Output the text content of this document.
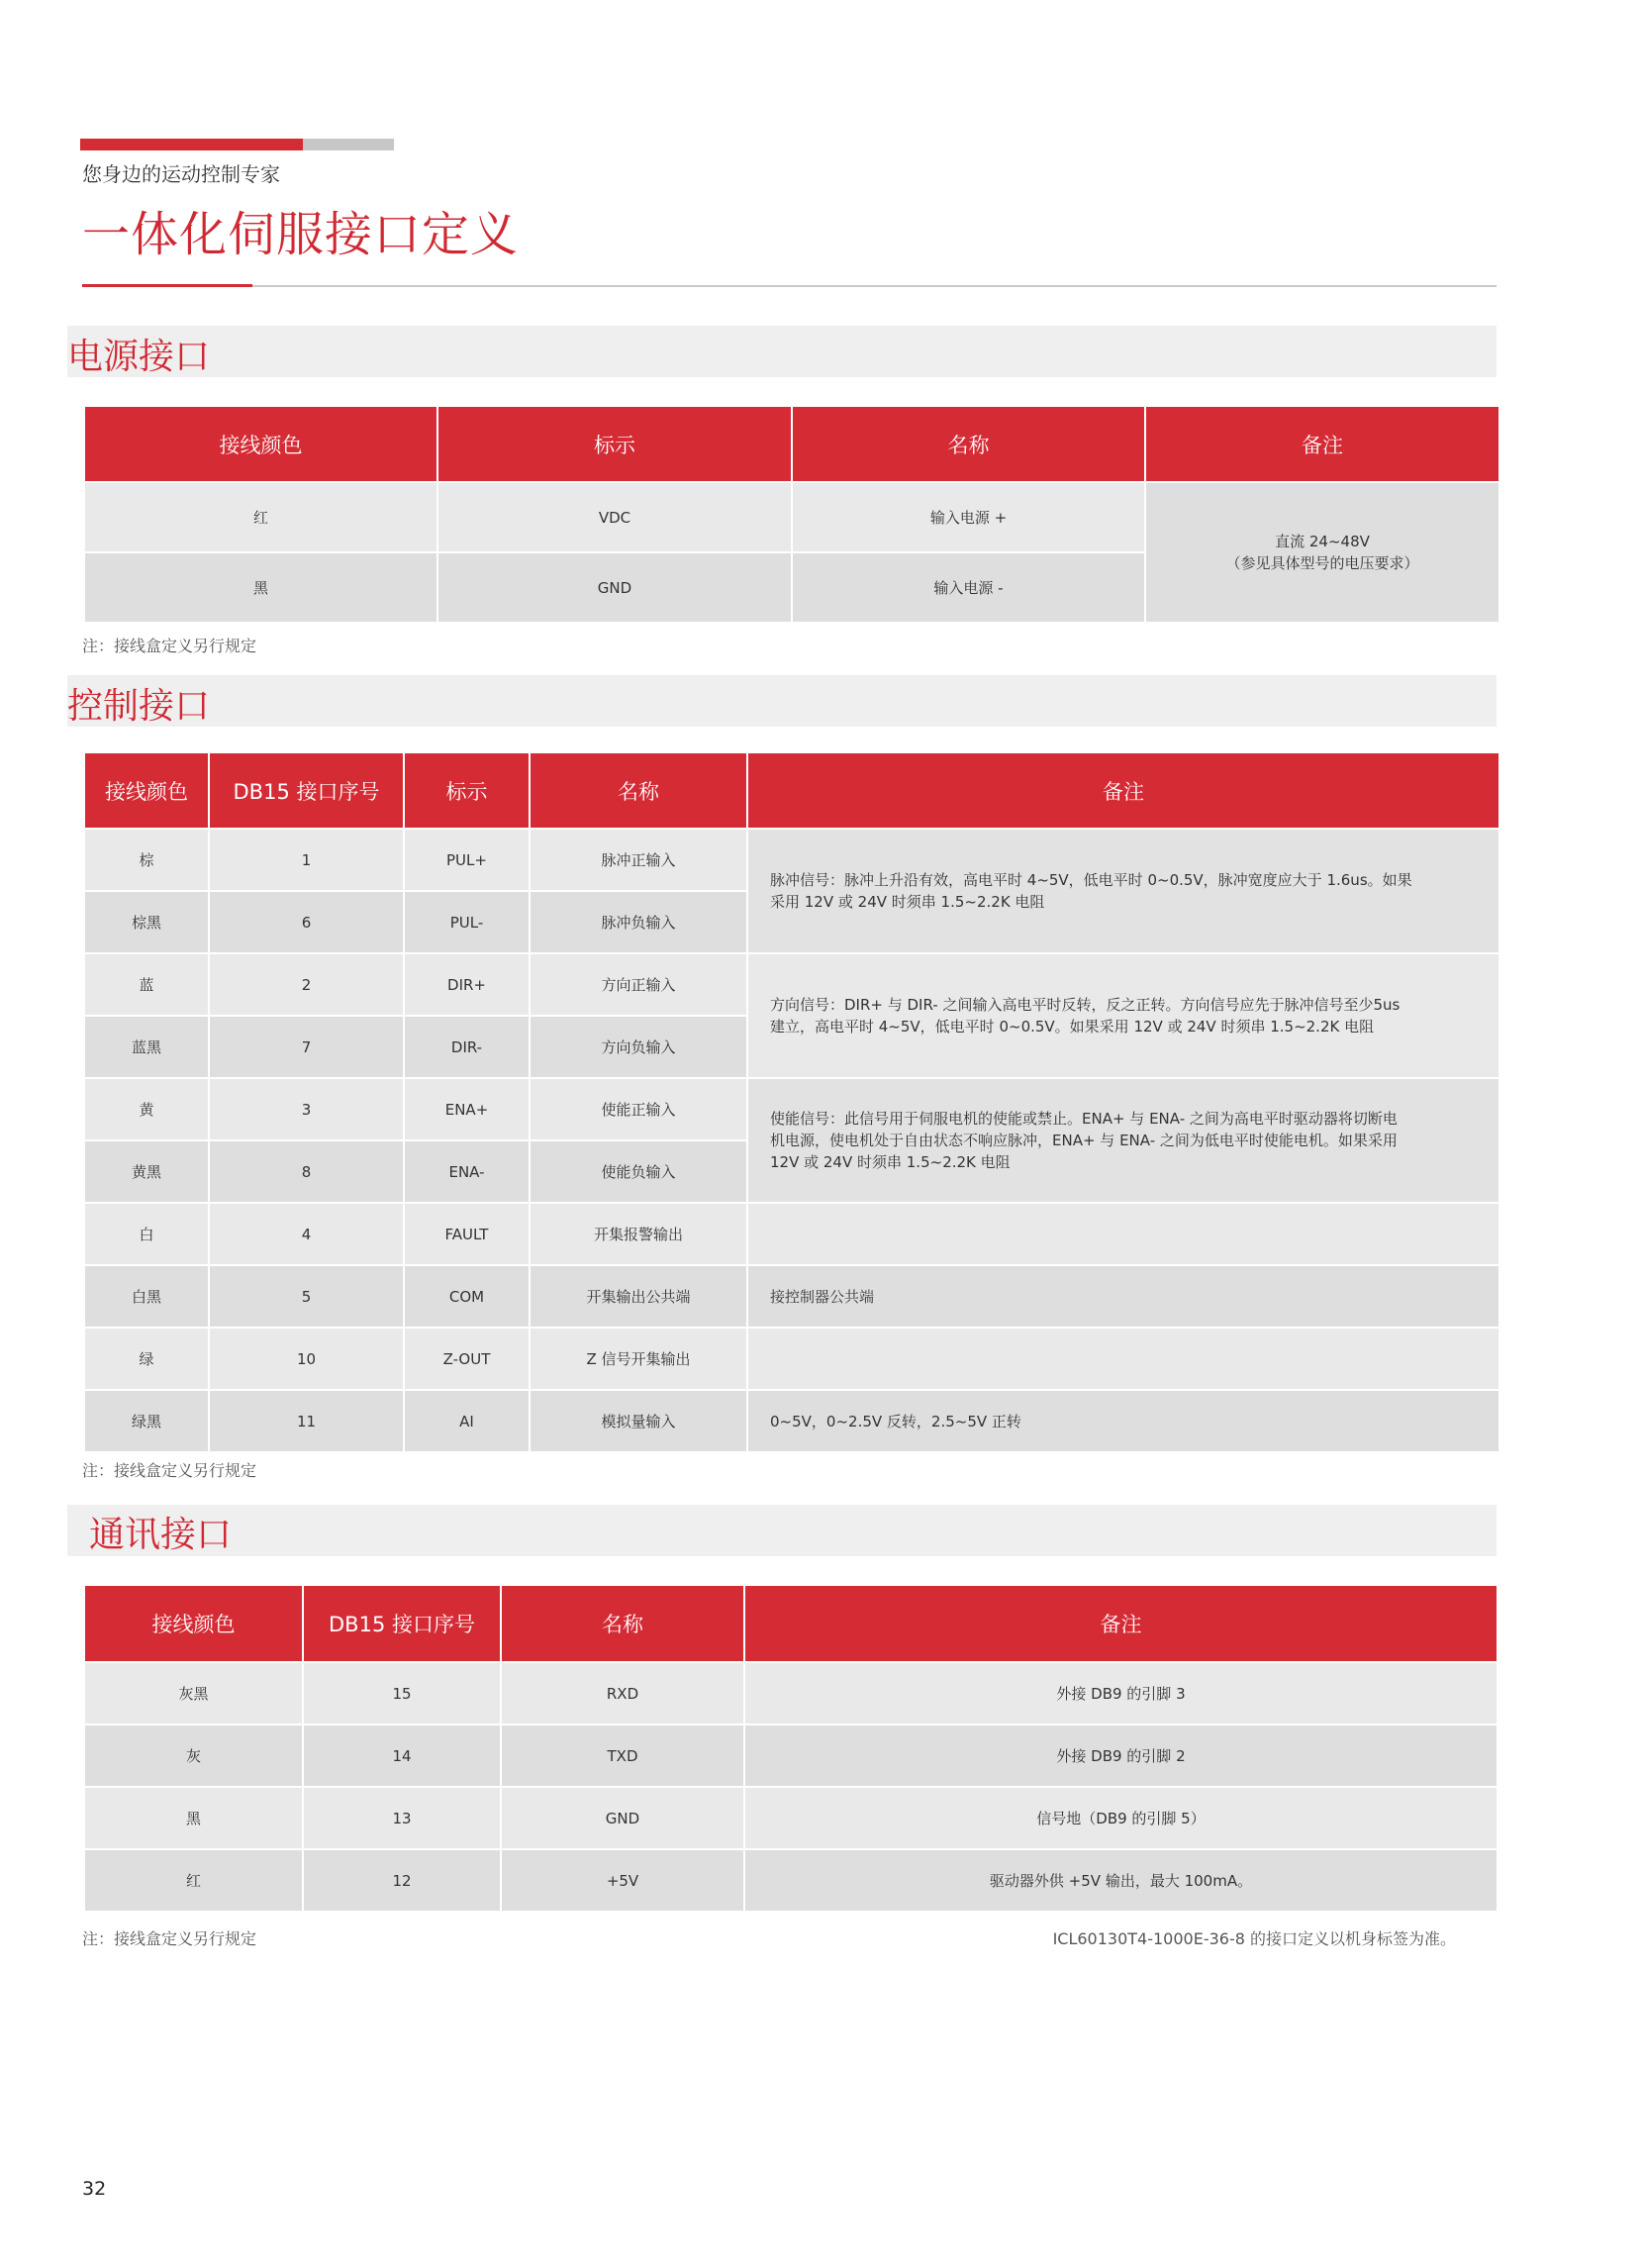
您身边的运动控制专家
一体化伺服接口定义
电源接口
接线颜色	标示	名称	备注
红	VDC	输入电源 +	直流 24~48V
（参见具体型号的电压要求）

黑	GND	输入电源 -	
注：接线盒定义另行规定
控制接口
接线颜色	DB15 接口序号	标示	名称	备注
棕	1	PUL+	脉冲正输入	脉冲信号：脉冲上升沿有效，高电平时 4~5V，低电平时 0~0.5V，脉冲宽度应大于 1.6us。如果
采用 12V 或 24V 时须串 1.5~2.2K 电阻

棕黑	6	PUL-	脉冲负输入	
蓝	2	DIR+	方向正输入	方向信号：DIR+ 与 DIR- 之间输入高电平时反转，反之正转。方向信号应先于脉冲信号至少5us
建立，高电平时 4~5V，低电平时 0~0.5V。如果采用 12V 或 24V 时须串 1.5~2.2K 电阻

蓝黑	7	DIR-	方向负输入	
黄	3	ENA+	使能正输入	使能信号：此信号用于伺服电机的使能或禁止。ENA+ 与 ENA- 之间为高电平时驱动器将切断电
机电源，使电机处于自由状态不响应脉冲，ENA+ 与 ENA- 之间为低电平时使能电机。如果采用
12V 或 24V 时须串 1.5~2.2K 电阻

黄黑	8	ENA-	使能负输入	
白	4	FAULT	开集报警输出	
白黑	5	COM	开集输出公共端	接控制器公共端
绿	10	Z-OUT	Z 信号开集输出	
绿黑	11	AI	模拟量输入	0~5V，0~2.5V 反转，2.5~5V 正转
注：接线盒定义另行规定
通讯接口
接线颜色	DB15 接口序号	名称	备注
灰黑	15	RXD	外接 DB9 的引脚 3
灰	14	TXD	外接 DB9 的引脚 2
黑	13	GND	信号地（DB9 的引脚 5）
红	12	+5V	驱动器外供 +5V 输出，最大 100mA。
注：接线盒定义另行规定	ICL60130T4-1000E-36-8 的接口定义以机身标签为准。
32
